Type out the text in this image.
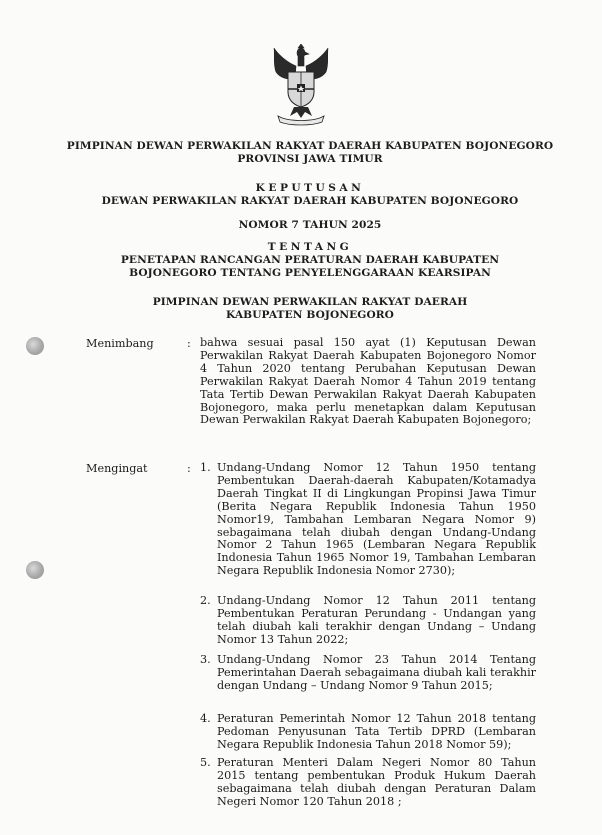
PIMPINAN DEWAN PERWAKILAN RAKYAT DAERAH KABUPATEN BOJONEGORO
PROVINSI JAWA TIMUR
KEPUTUSAN
DEWAN PERWAKILAN RAKYAT DAERAH KABUPATEN BOJONEGORO
NOMOR 7 TAHUN 2025
TENTANG
PENETAPAN RANCANGAN PERATURAN DAERAH KABUPATEN
BOJONEGORO TENTANG PENYELENGGARAAN KEARSIPAN
PIMPINAN DEWAN PERWAKILAN RAKYAT DAERAH
KABUPATEN BOJONEGORO
Menimbang	: bahwa sesuai pasal 150 ayat (1) Keputusan Dewan Perwakilan Rakyat Daerah Kabupaten Bojonegoro Nomor 4 Tahun 2020 tentang Perubahan Keputusan Dewan Perwakilan Rakyat Daerah Nomor 4 Tahun 2019 tentang Tata Tertib Dewan Perwakilan Rakyat Daerah Kabupaten Bojonegoro, maka perlu menetapkan dalam Keputusan Dewan Perwakilan Rakyat Daerah Kabupaten Bojonegoro;
Mengingat	: 1. Undang-Undang Nomor 12 Tahun 1950 tentang Pembentukan Daerah-daerah Kabupaten/Kotamadya Daerah Tingkat II di Lingkungan Propinsi Jawa Timur (Berita Negara Republik Indonesia Tahun 1950 Nomor19, Tambahan Lembaran Negara Nomor 9) sebagaimana telah diubah dengan Undang-Undang Nomor 2 Tahun 1965 (Lembaran Negara Republik Indonesia Tahun 1965 Nomor 19, Tambahan Lembaran Negara Republik Indonesia Nomor 2730);
2. Undang-Undang Nomor 12 Tahun 2011 tentang Pembentukan Peraturan Perundang - Undangan yang telah diubah kali terakhir dengan Undang – Undang Nomor 13 Tahun 2022;
3. Undang-Undang Nomor 23 Tahun 2014 Tentang Pemerintahan Daerah sebagaimana diubah kali terakhir dengan Undang – Undang Nomor 9 Tahun 2015;
4. Peraturan Pemerintah Nomor 12 Tahun 2018 tentang Pedoman Penyusunan Tata Tertib DPRD (Lembaran Negara Republik Indonesia Tahun 2018 Nomor 59);
5. Peraturan Menteri Dalam Negeri Nomor 80 Tahun 2015 tentang pembentukan Produk Hukum Daerah sebagaimana telah diubah dengan Peraturan Dalam Negeri Nomor 120 Tahun 2018 ;
